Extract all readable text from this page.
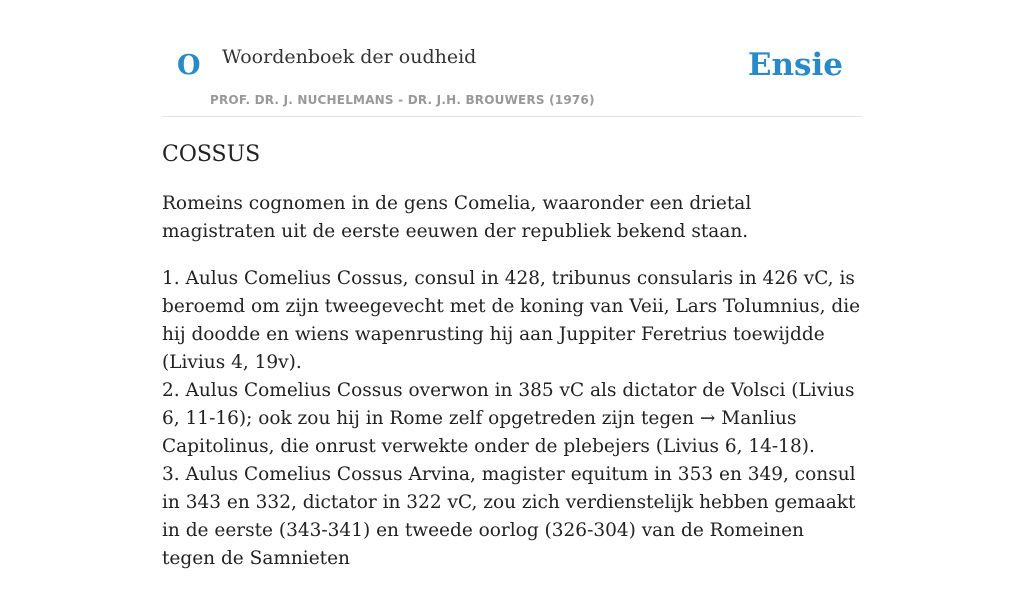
O Woordenboek der oudheid
PROF. DR. J. NUCHELMANS - DR. J.H. BROUWERS (1976)
Ensie
COSSUS

Romeins cognomen in de gens Comelia, waaronder een drietal magistraten uit de eerste eeuwen der republiek bekend staan.

1. Aulus Comelius Cossus, consul in 428, tribunus consularis in 426 vC, is beroemd om zijn tweegevecht met de koning van Veii, Lars Tolumnius, die hij doodde en wiens wapenrusting hij aan Juppiter Feretrius toewijdde (Livius 4, 19v).
2. Aulus Comelius Cossus overwon in 385 vC als dictator de Volsci (Livius 6, 11-16); ook zou hij in Rome zelf opgetreden zijn tegen → Manlius Capitolinus, die onrust verwekte onder de plebejers (Livius 6, 14-18).
3. Aulus Comelius Cossus Arvina, magister equitum in 353 en 349, consul in 343 en 332, dictator in 322 vC, zou zich verdienstelijk hebben gemaakt in de eerste (343-341) en tweede oorlog (326-304) van de Romeinen tegen de Samnieten
